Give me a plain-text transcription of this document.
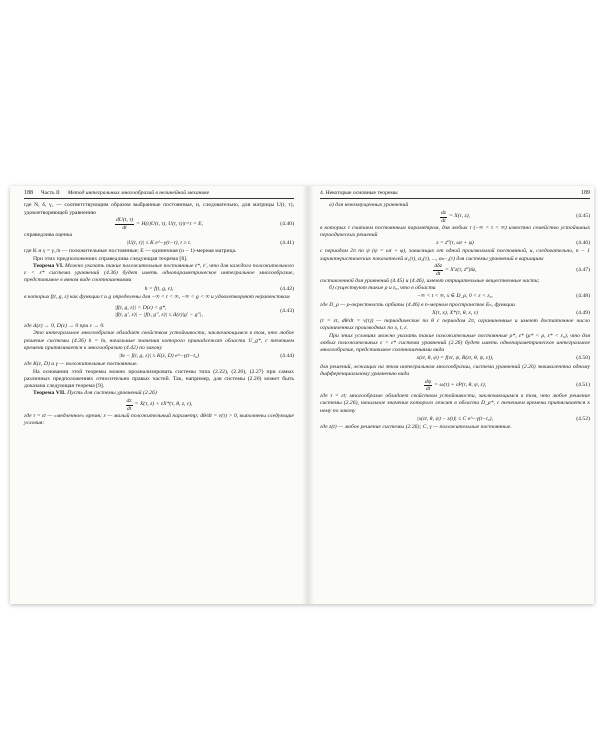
188 Часть II Метод интегральных многообразий в нелинейной механике

где N, δ, γ₁ — соответствующим образом выбранные постоянные, и, следовательно, для матрицы U(t, τ), удовлетворяющей уравнению

$\frac{dU(t, \tau)}{dt} = H(t)U(t$, τ), U(t, τ)|t=τ = E,	(4.40)

справедлива оценка

|U(t, τ)| ≤ K e^−γ(t−τ), t ≥ τ.	(4.41)

где K и γ = γ₁/n — положительные постоянные; E — единичная (n − 1)-мерная матрица.

При этих предположениях справедлива следующая теорема [8].

Теорема VI. Можно указать такие положительные постоянные ε*, ε′, что для каждого положительного ε < ε* система уравнений (4.36) будет иметь однопараметрическое интегральное многообразие, представимое в явном виде соотношениями

h = f(t, g, ε),	(4.42)

в которых f(t, g, ε) как функции t и g определены для −∞ < t < ∞, −∞ < g < ∞ и удовлетворяют неравенствам

|f(t, g, ε)| < D(ε) < g*,
|f(t, g′, ε)| − |f(t, g″, ε)| ≤ Δ(ε)|g′ − g″|,
(4.43)

где Δ(ε) → 0, D(ε) → 0 при ε → 0.

Это интегральное многообразие обладает свойством устойчивости, заключающимся в том, что любое решение системы (4.36) h = hₜ, начальные значения которого принадлежат области U_g*, с течением времени притягивается к многообразию (4.42) по закону

|hₜ − f(t, g, ε)| ≤ K(ε, D) e^−γ(t−t₀)	(4.44)

где K(ε, D) и γ — положительные постоянные.

На основании этой теоремы можно проанализировать системы типа (2.22), (2.26), (2.27) при самых различных предположениях относительно правых частей. Так, например, для системы (2.26) может быть доказана следующая теорема [9].

Теорема VII. Пусть для системы уравнений (2.26)

$\frac{dz}{dt} = X(\tau$, z) + εX*(τ, θ, z, ε),

где τ = εt — «медленное» время; ε — малый положительный параметр; dθ/dt = ν(τ) > 0, выполнены следующие условия:

4. Некоторые основные теоремы	189

а) для невозмущенных уравнений

$\frac{dz}{dt} = X(\tau$, z),	(4.45)

в которых τ считаем постоянным параметром, для любых τ (−∞ < τ < ∞) известно семейство устойчивых периодических решений

z = z⁰(τ, ωt + φ)	(4.46)

с периодом 2π по ψ (ψ = ωt + φ), зависящих от одной произвольной постоянной, и, следовательно, n − 1 характеристических показателей α₁(τ), α₂(τ), ..., αₙ₋₁(τ) для системы уравнений в вариациях

$\frac{\text{dδz}}{dt} = X'z(\tau$, z⁰)δz,	(4.47)

составленной для уравнений (4.45) и (4.46), имеют отрицательные вещественные части;

б) существуют такие ρ и ε₀, что в области

−∞ < t < ∞, x ∈ D_ρ, 0 < ε < ε₀,	(4.48)

где D_ρ — ρ-окрестность орбиты (4.46) в n-мерном пространстве Eₙ, функции

X(τ, x), X*(τ, θ, x, ε)	(4.49)

(τ = εt, dθ/dt = ν(τ)) — периодические по θ с периодом 2π, ограниченные и имеют достаточное число ограниченных производных по x, t, ε.

При этих условиях можно указать такие положительные постоянные ρ*, ε* (ρ* < ρ, ε* < ε₀), что для любых положительных ε < ε* система уравнений (2.26) будет иметь однопараметрическое интегральное многообразие, представимое соотношениями вида

x(εt, θ, ψ) = f(εt, ψ, R(εt, θ, ψ, ε)),	(4.50)

для решений, лежащих на этом интегральном многообразии, система уравнений (2.26) эквивалентна одному дифференциальному уравнению вида

$\frac{d\psi}{dt} = \omega(\tau) + \varepsilon P(\tau$, θ, ψ, ε),	(4.51)

где τ = εt; многообразие обладает свойством устойчивости, заключающимся в том, что любое решение системы (2.26), начальное значение которого лежит в области D_ρ*, с течением времени притягивается к нему по закону

|x(εt, θ, ψ) − z(t)| ≤ C e^−γ(t−t₀),	(4.52)

где z(t) — любое решение системы (2.26); C, γ — положительные постоянные.
